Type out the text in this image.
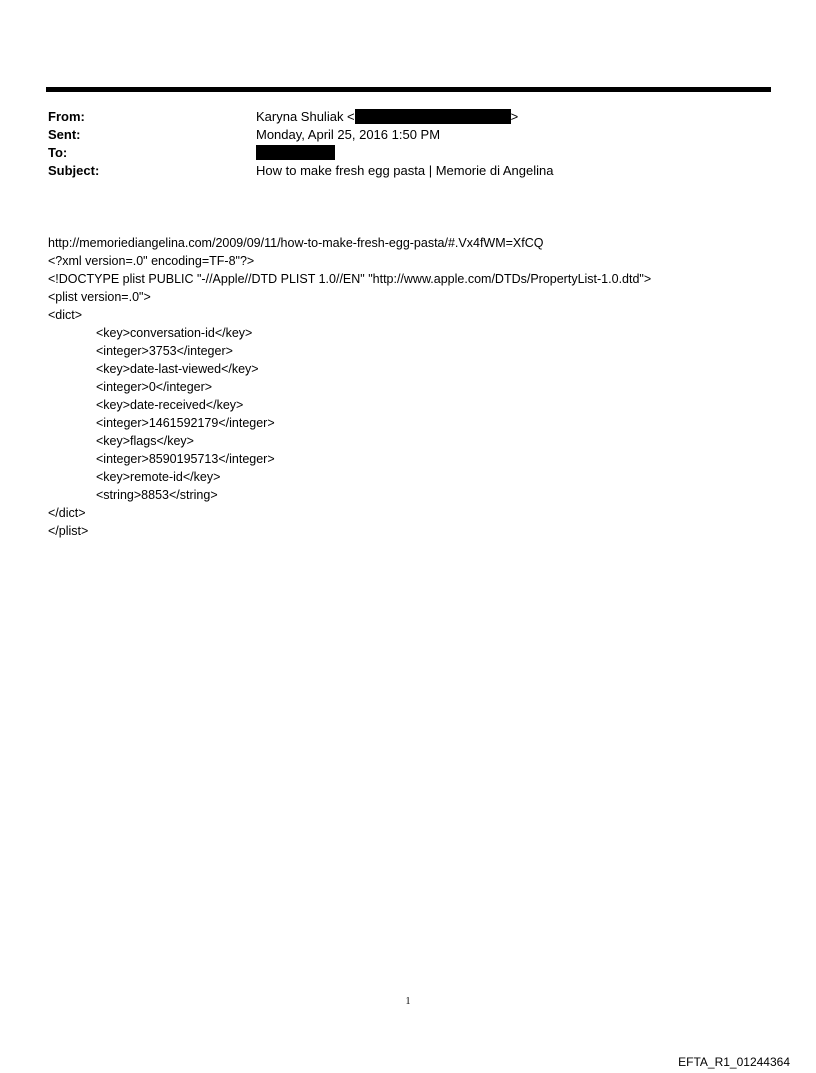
From:	Karyna Shuliak <	>
Sent:	Monday, April 25, 2016 1:50 PM
To:
Subject:	How to make fresh egg pasta | Memorie di Angelina
http://memoriediangelina.com/2009/09/11/how-to-make-fresh-egg-pasta/#.Vx4fWM=XfCQ
<?xml version=.0" encoding=TF-8"?>
<!DOCTYPE plist PUBLIC "-//Apple//DTD PLIST 1.0//EN" "http://www.apple.com/DTDs/PropertyList-1.0.dtd">
<plist version=.0">
<dict>
<key>conversation-id</key>
<integer>3753</integer>
<key>date-last-viewed</key>
<integer>0</integer>
<key>date-received</key>
<integer>1461592179</integer>
<key>flags</key>
<integer>8590195713</integer>
<key>remote-id</key>
<string>8853</string>
</dict>
</plist>
1
EFTA_R1_01244364
